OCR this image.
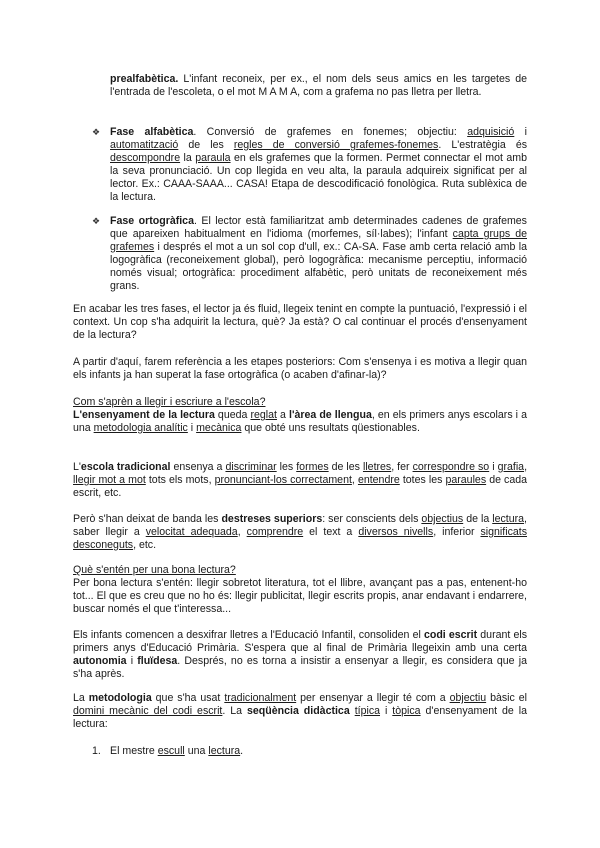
prealfabètica. L'infant reconeix, per ex., el nom dels seus amics en les targetes de l'entrada de l'escoleta, o el mot M A M A, com a grafema no pas lletra per lletra.

❖ Fase alfabètica. Conversió de grafemes en fonemes; objectiu: adquisició i automatització de les regles de conversió grafemes-fonemes. L'estratègia és descompondre la paraula en els grafemes que la formen. Permet connectar el mot amb la seva pronunciació. Un cop llegida en veu alta, la paraula adquireix significat per al lector. Ex.: CAAA-SAAA... CASA! Etapa de descodificació fonològica. Ruta sublèxica de la lectura.

❖ Fase ortogràfica. El lector està familiaritzat amb determinades cadenes de grafemes que apareixen habitualment en l'idioma (morfemes, síl·labes); l'infant capta grups de grafemes i després el mot a un sol cop d'ull, ex.: CA-SA. Fase amb certa relació amb la logogràfica (reconeixement global), però logogràfica: mecanisme perceptiu, informació només visual; ortogràfica: procediment alfabètic, però unitats de reconeixement més grans.

En acabar les tres fases, el lector ja és fluid, llegeix tenint en compte la puntuació, l'expressió i el context. Un cop s'ha adquirit la lectura, què? Ja està? O cal continuar el procés d'ensenyament de la lectura?

A partir d'aquí, farem referència a les etapes posteriors: Com s'ensenya i es motiva a llegir quan els infants ja han superat la fase ortogràfica (o acaben d'afinar-la)?

Com s'aprèn a llegir i escriure a l'escola?

L'ensenyament de la lectura queda reglat a l'àrea de llengua, en els primers anys escolars i a una metodologia analític i mecànica que obté uns resultats qüestionables.

L'escola tradicional ensenya a discriminar les formes de les lletres, fer correspondre so i grafia, llegir mot a mot tots els mots, pronunciant-los correctament, entendre totes les paraules de cada escrit, etc.

Però s'han deixat de banda les destreses superiors: ser conscients dels objectius de la lectura, saber llegir a velocitat adequada, comprendre el text a diversos nivells, inferior significats desconeguts, etc.

Què s'entén per una bona lectura?

Per bona lectura s'entén: llegir sobretot literatura, tot el llibre, avançant pas a pas, entenent-ho tot... El que es creu que no ho és: llegir publicitat, llegir escrits propis, anar endavant i endarrere, buscar només el que t'interessa...

Els infants comencen a desxifrar lletres a l'Educació Infantil, consoliden el codi escrit durant els primers anys d'Educació Primària. S'espera que al final de Primària llegeixin amb una certa autonomia i fluïdesa. Després, no es torna a insistir a ensenyar a llegir, es considera que ja s'ha après.

La metodologia que s'ha usat tradicionalment per ensenyar a llegir té com a objectiu bàsic el domini mecànic del codi escrit. La seqüència didàctica típica i tòpica d'ensenyament de la lectura:

1. El mestre escull una lectura.
